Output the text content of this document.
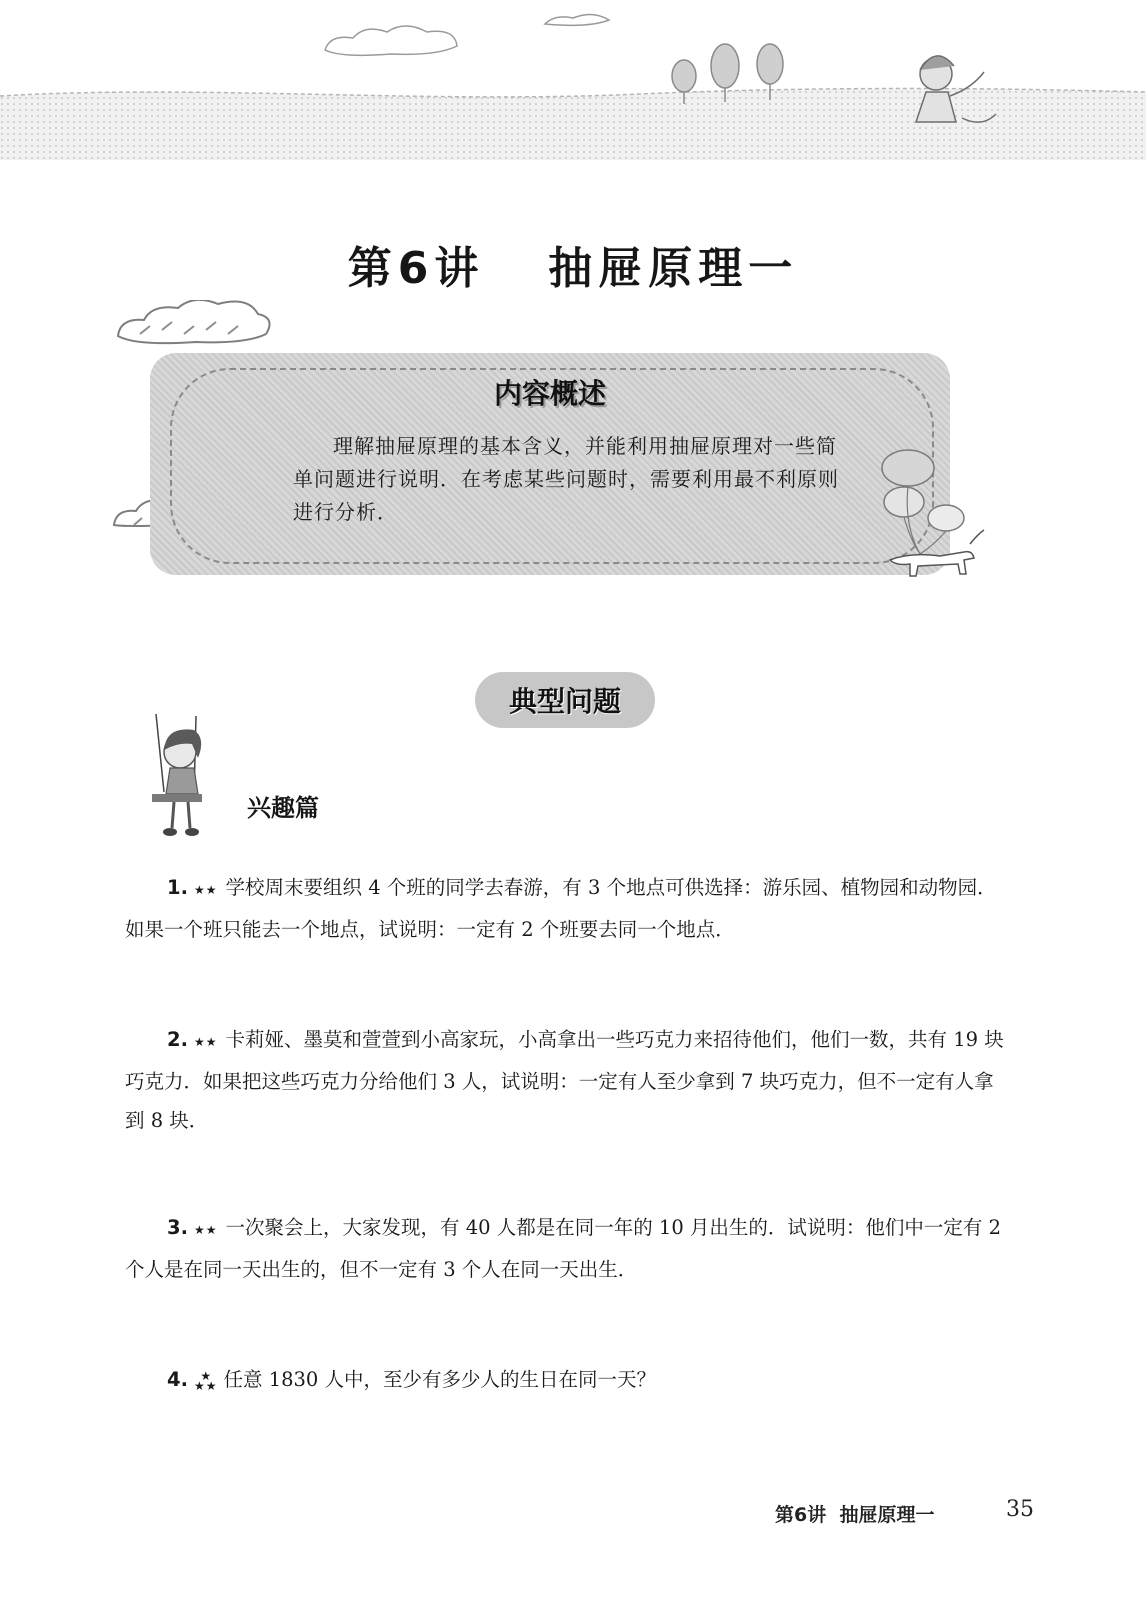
第6讲   抽屉原理一
内容概述
理解抽屉原理的基本含义，并能利用抽屉原理对一些简单问题进行说明．在考虑某些问题时，需要利用最不利原则进行分析．
典型问题
兴趣篇
1. ★★ 学校周末要组织 4 个班的同学去春游，有 3 个地点可供选择：游乐园、植物园和动物园．如果一个班只能去一个地点，试说明：一定有 2 个班要去同一个地点．
2. ★★ 卡莉娅、墨莫和萱萱到小高家玩，小高拿出一些巧克力来招待他们，他们一数，共有 19 块巧克力．如果把这些巧克力分给他们 3 人，试说明：一定有人至少拿到 7 块巧克力，但不一定有人拿到 8 块．
3. ★★ 一次聚会上，大家发现，有 40 人都是在同一年的 10 月出生的．试说明：他们中一定有 2 个人是在同一天出生的，但不一定有 3 个人在同一天出生．
4.	★
★★ 任意 1830 人中，至少有多少人的生日在同一天？
第6讲  抽屉原理一	35
